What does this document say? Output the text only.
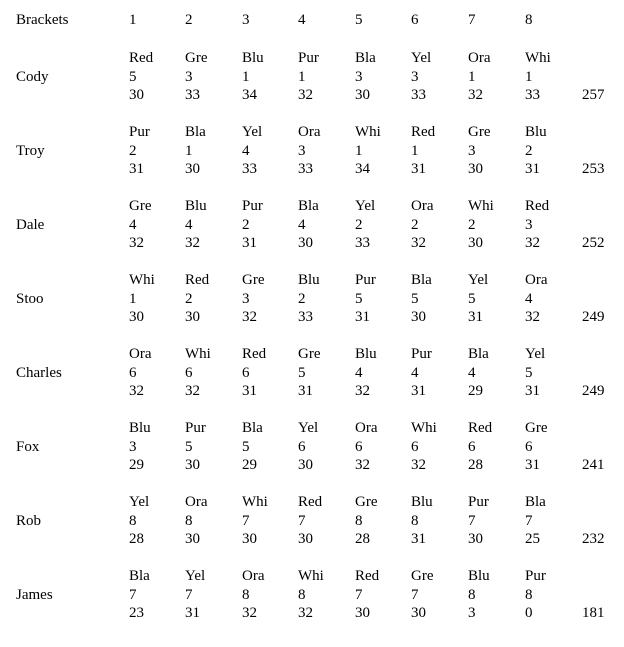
Brackets	1	2	3	4	5	6	7	8
Cody
Red Gre Blu Pur Bla Yel Ora Whi
5	3	1	1	3	3	1	1
30	33	34	32	30	33	32	33	257
Troy
Pur Bla Yel Ora Whi Red Gre Blu
2	1	4	3	1	1	3	2
31	30	33	33	34	31	30	31	253
Dale
Gre Blu Pur Bla Yel Ora Whi Red
4	4	2	4	2	2	2	3
32	32	31	30	33	32	30	32	252
Stoo
Whi Red Gre Blu Pur Bla Yel Ora
1	2	3	2	5	5	5	4
30	30	32	33	31	30	31	32	249
Charles
Ora Whi Red Gre Blu Pur Bla Yel
6	6	6	5	4	4	4	5
32	32	31	31	32	31	29	31	249
Fox
Blu Pur Bla Yel Ora Whi Red Gre
3	5	5	6	6	6	6	6
29	30	29	30	32	32	28	31	241
Rob
Yel Ora Whi Red Gre Blu Pur Bla
8	8	7	7	8	8	7	7
28	30	30	30	28	31	30	25	232
James
Bla Yel Ora Whi Red Gre Blu Pur
7	7	8	8	7	7	8	8
23	31	32	32	30	30	3	0	181
